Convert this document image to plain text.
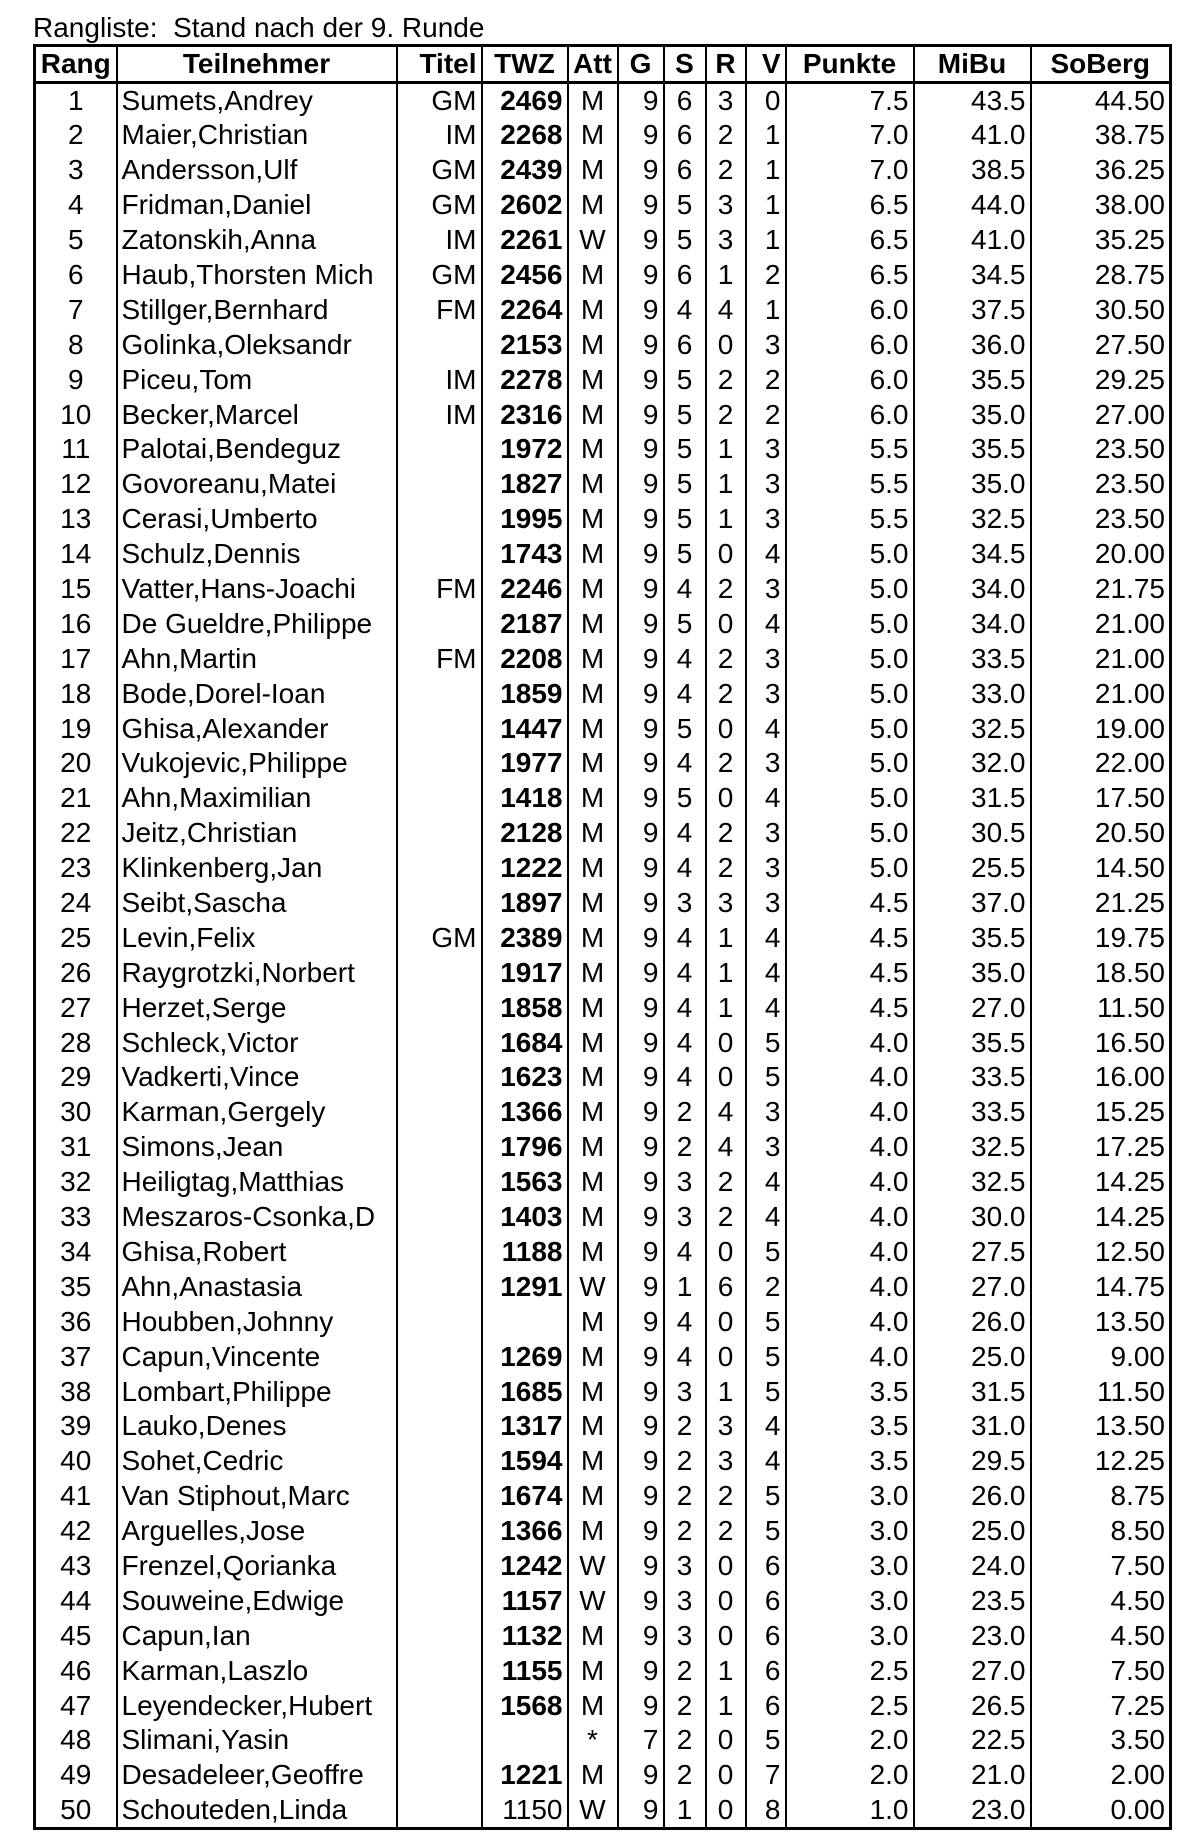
Rangliste:  Stand nach der 9. Runde
Rang	Teilnehmer	Titel	TWZ	Att	G	S	R	V	Punkte	MiBu	SoBerg
1	Sumets,Andrey	GM	2469	M	9	6	3	0	7.5	43.5	44.50
2	Maier,Christian	IM	2268	M	9	6	2	1	7.0	41.0	38.75
3	Andersson,Ulf	GM	2439	M	9	6	2	1	7.0	38.5	36.25
4	Fridman,Daniel	GM	2602	M	9	5	3	1	6.5	44.0	38.00
5	Zatonskih,Anna	IM	2261	W	9	5	3	1	6.5	41.0	35.25
6	Haub,Thorsten Mich	GM	2456	M	9	6	1	2	6.5	34.5	28.75
7	Stillger,Bernhard	FM	2264	M	9	4	4	1	6.0	37.5	30.50
8	Golinka,Oleksandr		2153	M	9	6	0	3	6.0	36.0	27.50
9	Piceu,Tom	IM	2278	M	9	5	2	2	6.0	35.5	29.25
10	Becker,Marcel	IM	2316	M	9	5	2	2	6.0	35.0	27.00
11	Palotai,Bendeguz		1972	M	9	5	1	3	5.5	35.5	23.50
12	Govoreanu,Matei		1827	M	9	5	1	3	5.5	35.0	23.50
13	Cerasi,Umberto		1995	M	9	5	1	3	5.5	32.5	23.50
14	Schulz,Dennis		1743	M	9	5	0	4	5.0	34.5	20.00
15	Vatter,Hans-Joachi	FM	2246	M	9	4	2	3	5.0	34.0	21.75
16	De Gueldre,Philippe		2187	M	9	5	0	4	5.0	34.0	21.00
17	Ahn,Martin	FM	2208	M	9	4	2	3	5.0	33.5	21.00
18	Bode,Dorel-Ioan		1859	M	9	4	2	3	5.0	33.0	21.00
19	Ghisa,Alexander		1447	M	9	5	0	4	5.0	32.5	19.00
20	Vukojevic,Philippe		1977	M	9	4	2	3	5.0	32.0	22.00
21	Ahn,Maximilian		1418	M	9	5	0	4	5.0	31.5	17.50
22	Jeitz,Christian		2128	M	9	4	2	3	5.0	30.5	20.50
23	Klinkenberg,Jan		1222	M	9	4	2	3	5.0	25.5	14.50
24	Seibt,Sascha		1897	M	9	3	3	3	4.5	37.0	21.25
25	Levin,Felix	GM	2389	M	9	4	1	4	4.5	35.5	19.75
26	Raygrotzki,Norbert		1917	M	9	4	1	4	4.5	35.0	18.50
27	Herzet,Serge		1858	M	9	4	1	4	4.5	27.0	11.50
28	Schleck,Victor		1684	M	9	4	0	5	4.0	35.5	16.50
29	Vadkerti,Vince		1623	M	9	4	0	5	4.0	33.5	16.00
30	Karman,Gergely		1366	M	9	2	4	3	4.0	33.5	15.25
31	Simons,Jean		1796	M	9	2	4	3	4.0	32.5	17.25
32	Heiligtag,Matthias		1563	M	9	3	2	4	4.0	32.5	14.25
33	Meszaros-Csonka,D		1403	M	9	3	2	4	4.0	30.0	14.25
34	Ghisa,Robert		1188	M	9	4	0	5	4.0	27.5	12.50
35	Ahn,Anastasia		1291	W	9	1	6	2	4.0	27.0	14.75
36	Houbben,Johnny			M	9	4	0	5	4.0	26.0	13.50
37	Capun,Vincente		1269	M	9	4	0	5	4.0	25.0	9.00
38	Lombart,Philippe		1685	M	9	3	1	5	3.5	31.5	11.50
39	Lauko,Denes		1317	M	9	2	3	4	3.5	31.0	13.50
40	Sohet,Cedric		1594	M	9	2	3	4	3.5	29.5	12.25
41	Van Stiphout,Marc		1674	M	9	2	2	5	3.0	26.0	8.75
42	Arguelles,Jose		1366	M	9	2	2	5	3.0	25.0	8.50
43	Frenzel,Qorianka		1242	W	9	3	0	6	3.0	24.0	7.50
44	Souweine,Edwige		1157	W	9	3	0	6	3.0	23.5	4.50
45	Capun,Ian		1132	M	9	3	0	6	3.0	23.0	4.50
46	Karman,Laszlo		1155	M	9	2	1	6	2.5	27.0	7.50
47	Leyendecker,Hubert		1568	M	9	2	1	6	2.5	26.5	7.25
48	Slimani,Yasin			*	7	2	0	5	2.0	22.5	3.50
49	Desadeleer,Geoffre		1221	M	9	2	0	7	2.0	21.0	2.00
50	Schouteden,Linda		1150	W	9	1	0	8	1.0	23.0	0.00
